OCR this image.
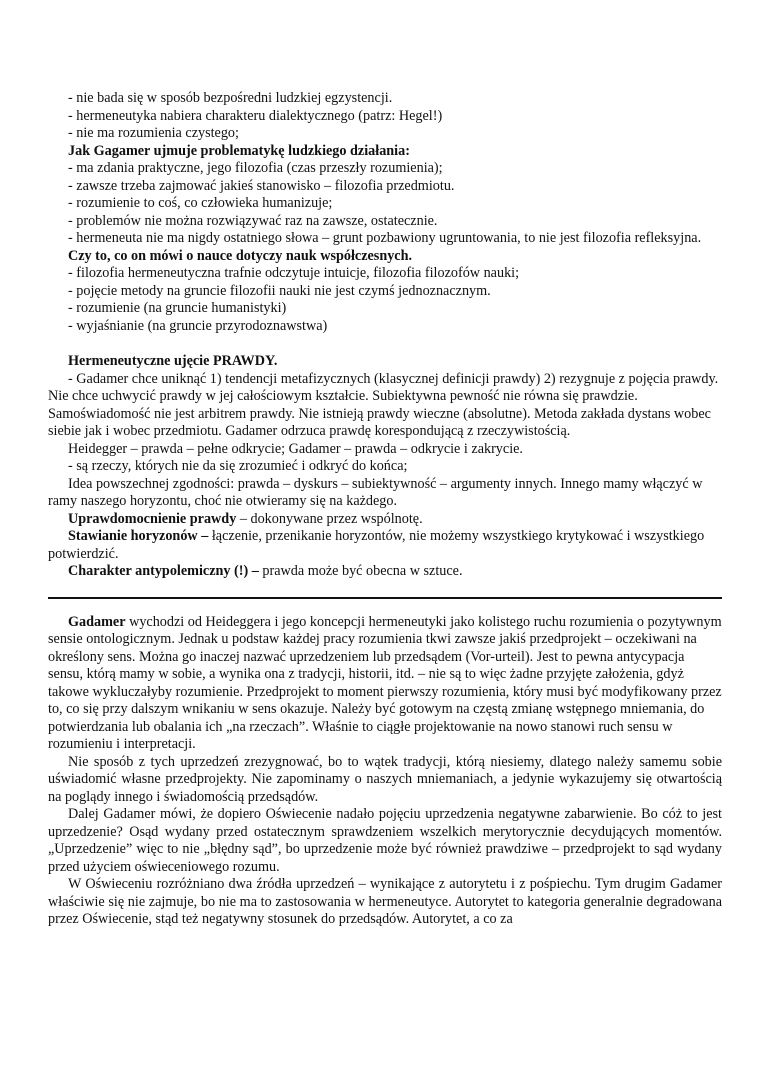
- nie bada się w sposób bezpośredni ludzkiej egzystencji.

- hermeneutyka nabiera charakteru dialektycznego (patrz: Hegel!)

- nie ma rozumienia czystego;

Jak Gagamer ujmuje problematykę ludzkiego działania:

- ma zdania praktyczne, jego filozofia (czas przeszły rozumienia);

- zawsze trzeba zajmować jakieś stanowisko – filozofia przedmiotu.

- rozumienie to coś, co człowieka humanizuje;

- problemów nie można rozwiązywać raz na zawsze, ostatecznie.

- hermeneuta nie ma nigdy ostatniego słowa – grunt pozbawiony ugruntowania, to nie jest filozofia refleksyjna.

Czy to, co on mówi o nauce dotyczy nauk współczesnych.

- filozofia hermeneutyczna trafnie odczytuje intuicje, filozofia filozofów nauki;

- pojęcie metody na gruncie filozofii nauki nie jest czymś jednoznacznym.

- rozumienie (na gruncie humanistyki)

- wyjaśnianie (na gruncie przyrodoznawstwa)

Hermeneutyczne ujęcie PRAWDY.

- Gadamer chce uniknąć 1) tendencji metafizycznych (klasycznej definicji prawdy) 2) rezygnuje z pojęcia prawdy. Nie chce uchwycić prawdy w jej całościowym kształcie. Subiektywna pewność nie równa się prawdzie. Samoświadomość nie jest arbitrem prawdy. Nie istnieją prawdy wieczne (absolutne). Metoda zakłada dystans wobec siebie jak i wobec przedmiotu. Gadamer odrzuca prawdę korespondującą z rzeczywistością.

Heidegger – prawda – pełne odkrycie; Gadamer – prawda – odkrycie i zakrycie.

- są rzeczy, których nie da się zrozumieć i odkryć do końca;

Idea powszechnej zgodności: prawda – dyskurs – subiektywność – argumenty innych. Innego mamy włączyć w ramy naszego horyzontu, choć nie otwieramy się na każdego.

Uprawdomocnienie prawdy – dokonywane przez wspólnotę.

Stawianie horyzonów – łączenie, przenikanie horyzontów, nie możemy wszystkiego krytykować i wszystkiego potwierdzić.

Charakter antypolemiczny (!) – prawda może być obecna w sztuce.

Gadamer wychodzi od Heideggera i jego koncepcji hermeneutyki jako kolistego ruchu rozumienia o pozytywnym sensie ontologicznym. Jednak u podstaw każdej pracy rozumienia tkwi zawsze jakiś przedprojekt – oczekiwani na określony sens. Można go inaczej nazwać uprzedzeniem lub przedsądem (Vor-urteil). Jest to pewna antycypacja sensu, którą mamy w sobie, a wynika ona z tradycji, historii, itd. – nie są to więc żadne przyjęte założenia, gdyż takowe wykluczałyby rozumienie. Przedprojekt to moment pierwszy rozumienia, który musi być modyfikowany przez to, co się przy dalszym wnikaniu w sens okazuje. Należy być gotowym na częstą zmianę wstępnego mniemania, do potwierdzania lub obalania ich „na rzeczach”. Właśnie to ciągłe projektowanie na nowo stanowi ruch sensu w rozumieniu i interpretacji.

Nie sposób z tych uprzedzeń zrezygnować, bo to wątek tradycji, którą niesiemy, dlatego należy samemu sobie uświadomić własne przedprojekty. Nie zapominamy o naszych mniemaniach, a jedynie wykazujemy się otwartością na poglądy innego i świadomością przedsądów.

Dalej Gadamer mówi, że dopiero Oświecenie nadało pojęciu uprzedzenia negatywne zabarwienie. Bo cóż to jest uprzedzenie? Osąd wydany przed ostatecznym sprawdzeniem wszelkich merytorycznie decydujących momentów. „Uprzedzenie” więc to nie „błędny sąd”, bo uprzedzenie może być również prawdziwe – przedprojekt to sąd wydany przed użyciem oświeceniowego rozumu.

W Oświeceniu rozróżniano dwa źródła uprzedzeń – wynikające z autorytetu i z pośpiechu. Tym drugim Gadamer właściwie się nie zajmuje, bo nie ma to zastosowania w hermeneutyce. Autorytet to kategoria generalnie degradowana przez Oświecenie, stąd też negatywny stosunek do przedsądów. Autorytet, a co za
